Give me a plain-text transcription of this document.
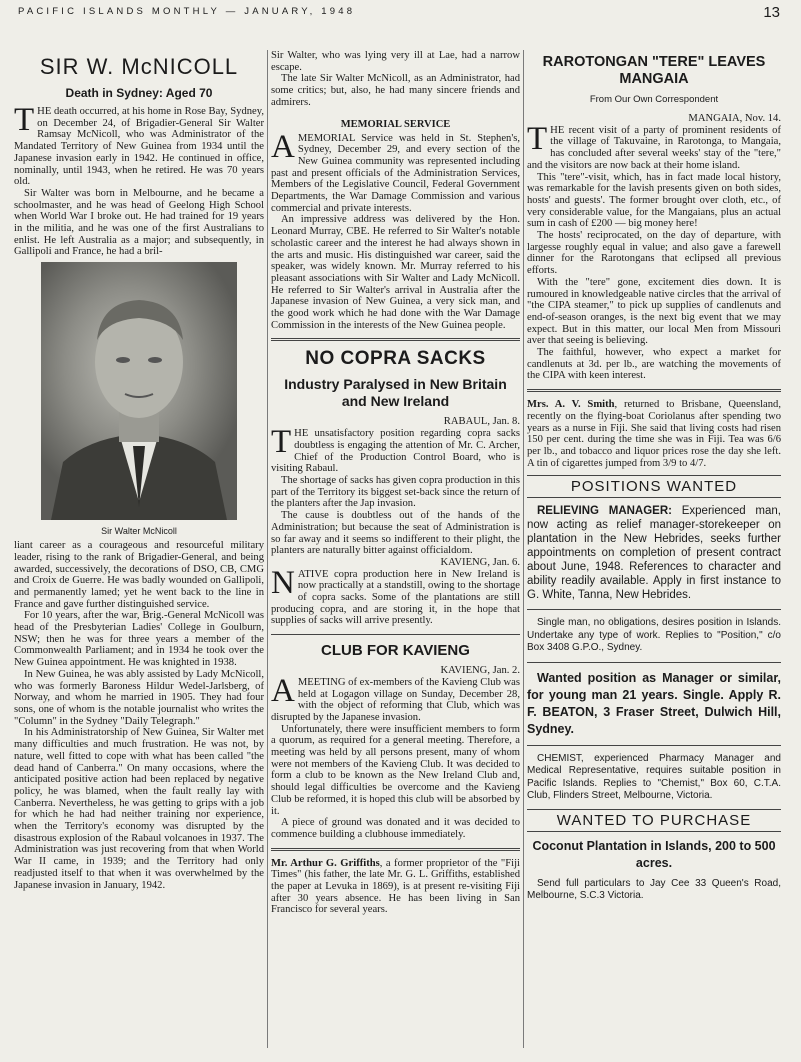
PACIFIC ISLANDS MONTHLY — JANUARY, 1948	13
SIR W. McNICOLL
Death in Sydney: Aged 70

THE death occurred, at his home in Rose Bay, Sydney, on December 24, of Brigadier-General Sir Walter Ramsay McNicoll, who was Administrator of the Mandated Territory of New Guinea from 1934 until the Japanese invasion early in 1942. He continued in office, nominally, until 1943, when he retired. He was 70 years old.

Sir Walter was born in Melbourne, and he became a schoolmaster, and he was head of Geelong High School when World War I broke out. He had trained for 19 years in the militia, and he was one of the first Australians to enlist. He left Australia as a major; and subsequently, in Gallipoli and France, he had a bril-

Sir Walter McNicoll

liant career as a courageous and resourceful military leader, rising to the rank of Brigadier-General, and being awarded, successively, the decorations of DSO, CB, CMG and Croix de Guerre. He was badly wounded on Gallipoli, and permanently lamed; yet he went back to the line in France and gave further distinguished service.

For 10 years, after the war, Brig.-General McNicoll was head of the Presbyterian Ladies' College in Goulburn, NSW; then he was for three years a member of the Commonwealth Parliament; and in 1934 he took over the New Guinea appointment. He was knighted in 1938.

In New Guinea, he was ably assisted by Lady McNicoll, who was formerly Baroness Hildur Wedel-Jarlsberg, of Norway, and whom he married in 1905. They had four sons, one of whom is the notable journalist who writes the "Column" in the Sydney "Daily Telegraph."

In his Administratorship of New Guinea, Sir Walter met many difficulties and much frustration. He was not, by nature, well fitted to cope with what has been called "the dead hand of Canberra." On many occasions, where the anticipated positive action had been replaced by negative policy, he was blamed, when the fault really lay with Canberra. Nevertheless, he was getting to grips with a job for which he had had neither training nor experience, when the Territory's economy was disrupted by the disastrous explosion of the Rabaul volcanoes in 1937. The Administration was just recovering from that when World War II came, in 1939; and the Territory had only readjusted itself to that when it was overwhelmed by the Japanese invasion in January, 1942.

Sir Walter, who was lying very ill at Lae, had a narrow escape.

The late Sir Walter McNicoll, as an Administrator, had some critics; but, also, he had many sincere friends and admirers.

MEMORIAL SERVICE

AMEMORIAL Service was held in St. Stephen's, Sydney, December 29, and every section of the New Guinea community was represented including past and present officials of the Administration Services, Members of the Legislative Council, Federal Government Departments, the War Damage Commission and various commercial and private interests.

An impressive address was delivered by the Hon. Leonard Murray, CBE. He referred to Sir Walter's notable scholastic career and the interest he had always shown in the arts and music. His distinguished war career, said the speaker, was widely known. Mr. Murray referred to his pleasant associations with Sir Walter and Lady McNicoll. He referred to Sir Walter's arrival in Australia after the Japanese invasion of New Guinea, a very sick man, and the good work which he had done with the War Damage Commission in the interests of the New Guinea people.

NO COPRA SACKS
Industry Paralysed in New Britain and New Ireland
RABAUL, Jan. 8.

THE unsatisfactory position regarding copra sacks doubtless is engaging the attention of Mr. C. Archer, Chief of the Production Control Board, who is visiting Rabaul.

The shortage of sacks has given copra production in this part of the Territory its biggest set-back since the return of the planters after the Jap invasion.

The cause is doubtless out of the hands of the Administration; but because the seat of Administration is so far away and it seems so indifferent to their plight, the planters are naturally bitter against officialdom.

KAVIENG, Jan. 6.

NATIVE copra production here in New Ireland is now practically at a standstill, owing to the shortage of copra sacks. Some of the plantations are still producing copra, and are storing it, in the hope that supplies of sacks will arrive presently.

CLUB FOR KAVIENG
KAVIENG, Jan. 2.

AMEETING of ex-members of the Kavieng Club was held at Logagon village on Sunday, December 28, with the object of reforming that Club, which was disrupted by the Japanese invasion.

Unfortunately, there were insufficient members to form a quorum, as required for a general meeting. Therefore, a meeting was held by all persons present, many of whom were not members of the Kavieng Club. It was decided to form a club to be known as the New Ireland Club and, should legal difficulties be overcome and the Kavieng Club be reformed, it is hoped this club will be absorbed by it.

A piece of ground was donated and it was decided to commence building a clubhouse immediately.

Mr. Arthur G. Griffiths, a former proprietor of the "Fiji Times" (his father, the late Mr. G. L. Griffiths, established the paper at Levuka in 1869), is at present re-visiting Fiji after 30 years absence. He has been living in San Francisco for several years.

RAROTONGAN "TERE" LEAVES MANGAIA
From Our Own Correspondent
MANGAIA, Nov. 14.

THE recent visit of a party of prominent residents of the village of Takuvaine, in Rarotonga, to Mangaia, has concluded after several weeks' stay of the "tere," and the visitors are now back at their home island.

This "tere"-visit, which, has in fact made local history, was remarkable for the lavish presents given on both sides, hosts' and guests'. The former brought over cloth, etc., of very considerable value, for the Mangaians, plus an actual sum in cash of £200 — big money here!

The hosts' reciprocated, on the day of departure, with largesse roughly equal in value; and also gave a farewell dinner for the Rarotongans that eclipsed all previous efforts.

With the "tere" gone, excitement dies down. It is rumoured in knowledgeable native circles that the arrival of "the CIPA steamer," to pick up supplies of candlenuts and end-of-season oranges, is the next big event that we may expect. But in this matter, our local Men from Missouri aver that seeing is believing.

The faithful, however, who expect a market for candlenuts at 3d. per lb., are watching the movements of the CIPA with keen interest.

Mrs. A. V. Smith, returned to Brisbane, Queensland, recently on the flying-boat Coriolanus after spending two years as a nurse in Fiji. She said that living costs had risen 150 per cent. during the time she was in Fiji. Tea was 6/6 per lb., and tobacco and liquor prices rose the day she left. A tin of cigarettes jumped from 3/9 to 4/7.

POSITIONS WANTED

RELIEVING MANAGER: Experienced man, now acting as relief manager-storekeeper on plantation in the New Hebrides, seeks further appointments on completion of present contract about June, 1948. References to character and ability readily available. Apply in first instance to G. White, Tanna, New Hebrides.

Single man, no obligations, desires position in Islands. Undertake any type of work. Replies to "Position," c/o Box 3408 G.P.O., Sydney.

Wanted position as Manager or similar, for young man 21 years. Single. Apply R. F. BEATON, 3 Fraser Street, Dulwich Hill, Sydney.

CHEMIST, experienced Pharmacy Manager and Medical Representative, requires suitable position in Pacific Islands. Replies to "Chemist," Box 60, C.T.A. Club, Flinders Street, Melbourne, Victoria.

WANTED TO PURCHASE
Coconut Plantation in Islands, 200 to 500 acres.

Send full particulars to Jay Cee 33 Queen's Road, Melbourne, S.C.3 Victoria.
